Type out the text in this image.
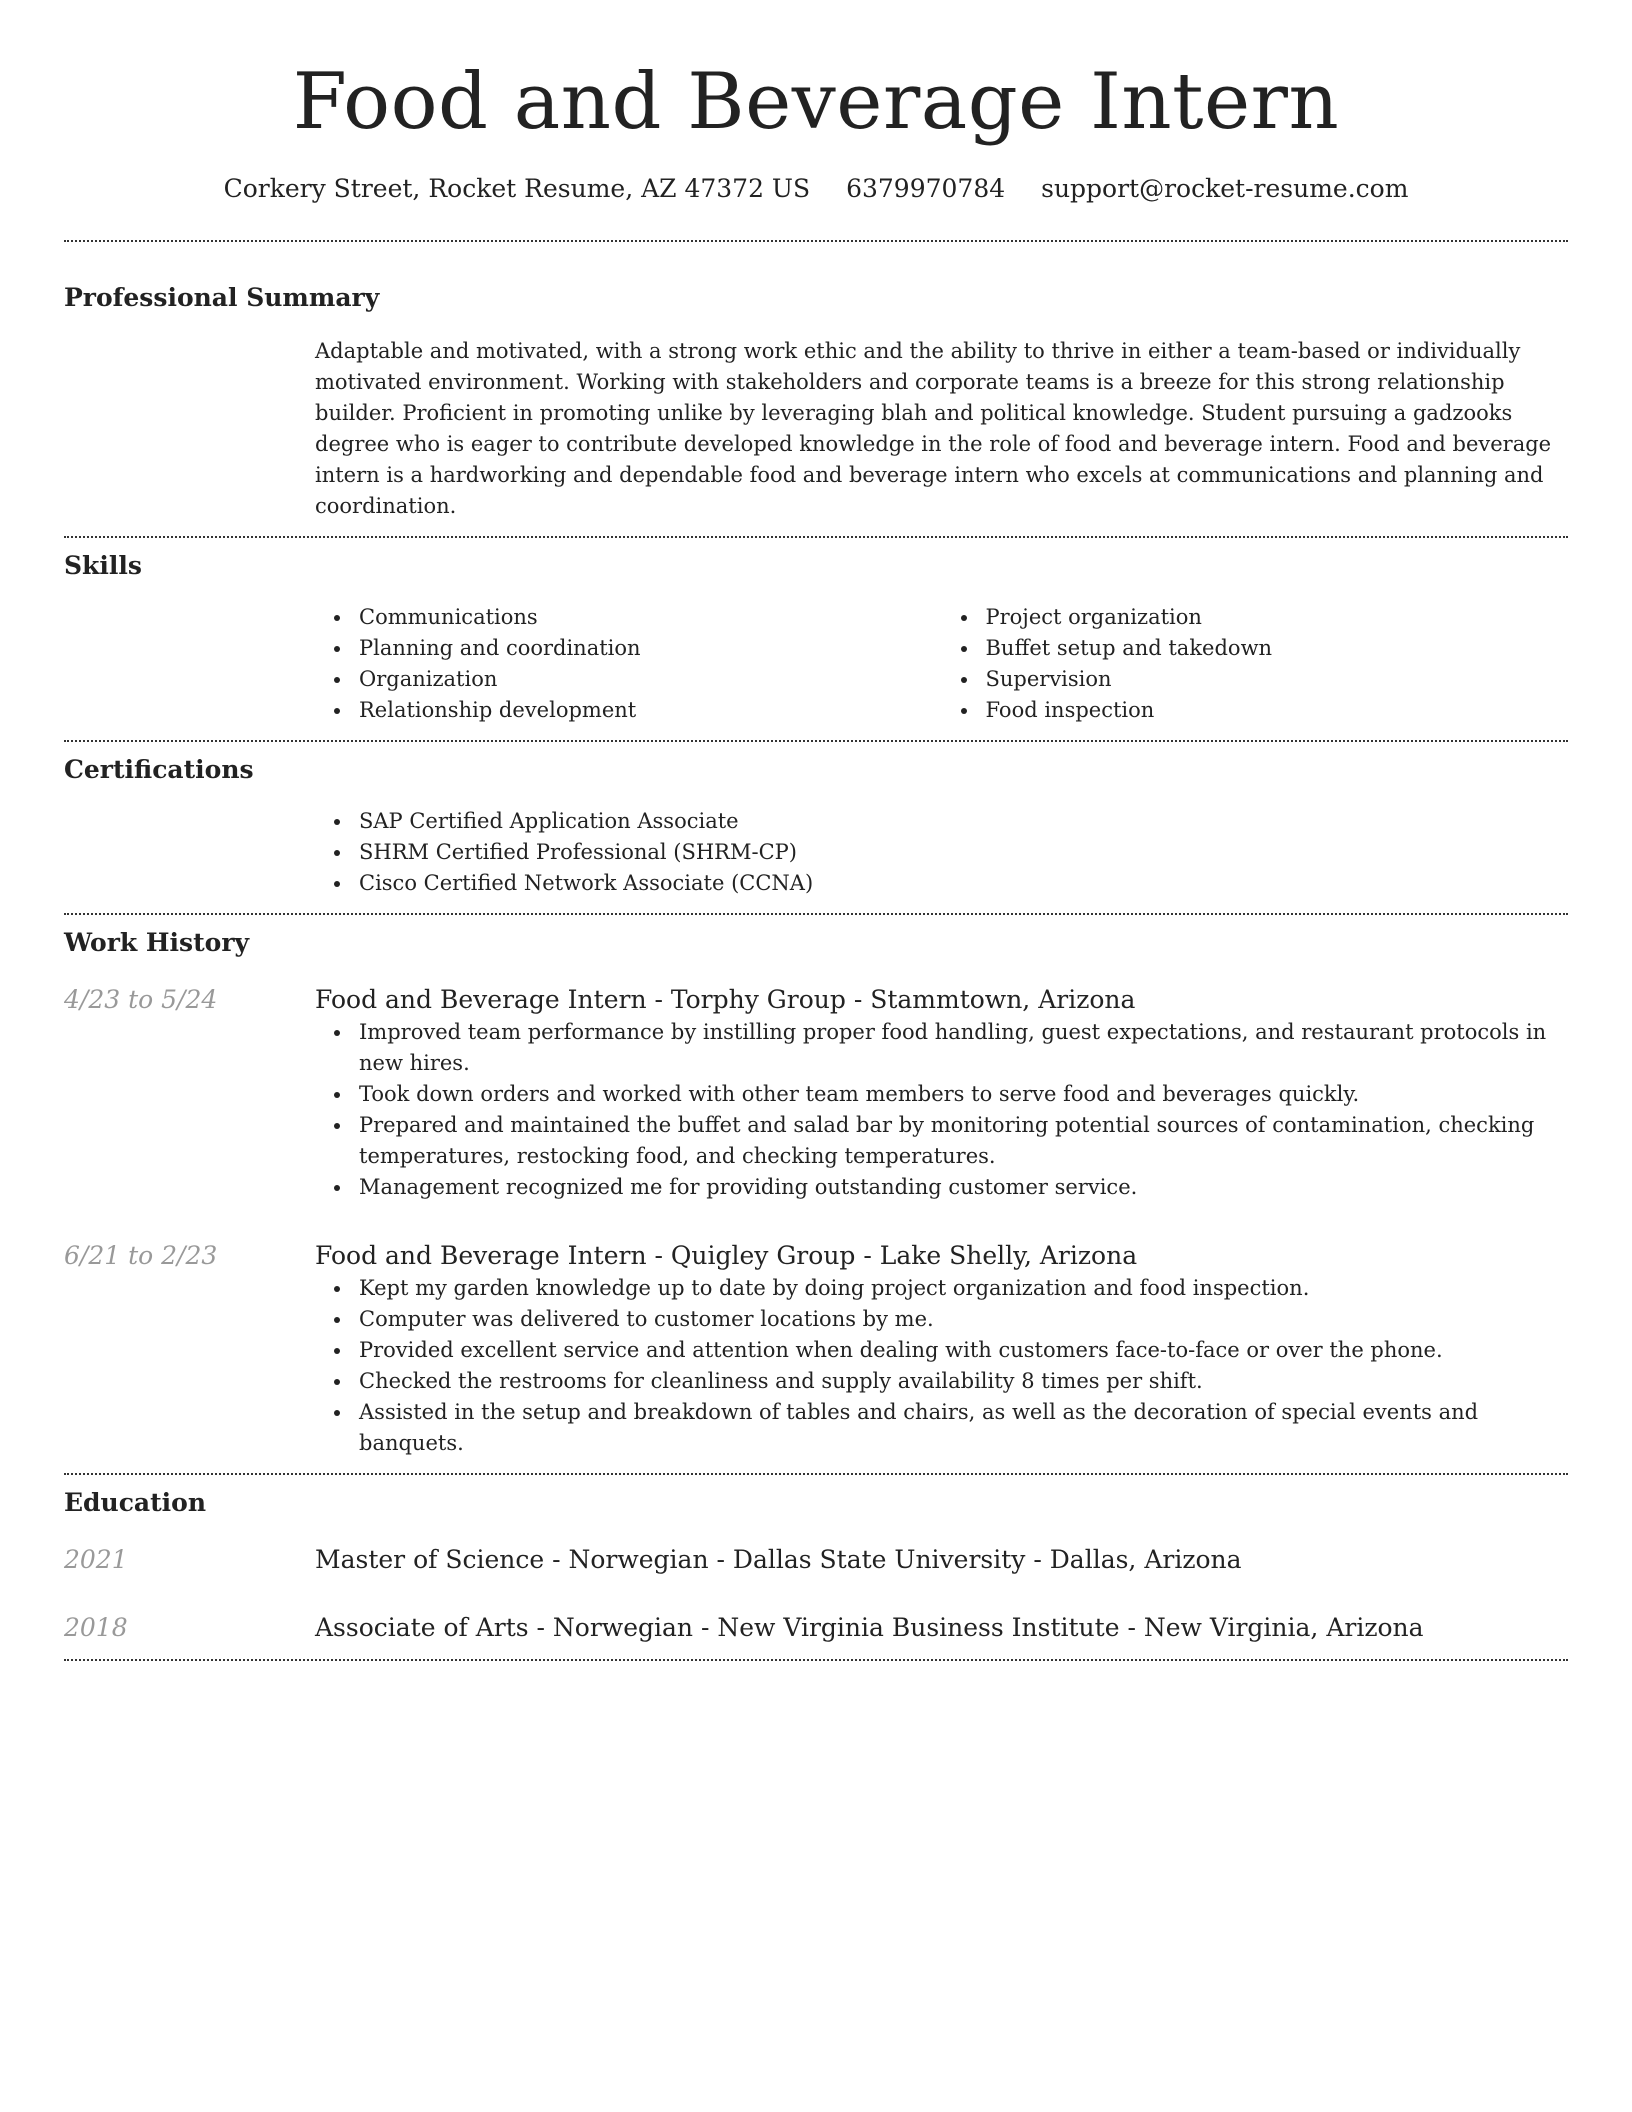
Food and Beverage Intern
Corkery Street, Rocket Resume, AZ 47372 US 6379970784 support@rocket-resume.com
Professional Summary

Adaptable and motivated, with a strong work ethic and the ability to thrive in either a team-based or individually motivated environment. Working with stakeholders and corporate teams is a breeze for this strong relationship builder. Proficient in promoting unlike by leveraging blah and political knowledge. Student pursuing a gadzooks degree who is eager to contribute developed knowledge in the role of food and beverage intern. Food and beverage intern is a hardworking and dependable food and beverage intern who excels at communications and planning and coordination.

Skills
Communications
Planning and coordination
Organization
Relationship development
Project organization
Buffet setup and takedown
Supervision
Food inspection
Certifications
SAP Certified Application Associate
SHRM Certified Professional (SHRM-CP)
Cisco Certified Network Associate (CCNA)
Work History
4/23 to 5/24	Food and Beverage Intern - Torphy Group - Stammtown, Arizona
Improved team performance by instilling proper food handling, guest expectations, and restaurant protocols in new hires.
Took down orders and worked with other team members to serve food and beverages quickly.
Prepared and maintained the buffet and salad bar by monitoring potential sources of contamination, checking temperatures, restocking food, and checking temperatures.
Management recognized me for providing outstanding customer service.
6/21 to 2/23	Food and Beverage Intern - Quigley Group - Lake Shelly, Arizona
Kept my garden knowledge up to date by doing project organization and food inspection.
Computer was delivered to customer locations by me.
Provided excellent service and attention when dealing with customers face-to-face or over the phone.
Checked the restrooms for cleanliness and supply availability 8 times per shift.
Assisted in the setup and breakdown of tables and chairs, as well as the decoration of special events and banquets.
Education
2021	Master of Science - Norwegian - Dallas State University - Dallas, Arizona
2018	Associate of Arts - Norwegian - New Virginia Business Institute - New Virginia, Arizona
